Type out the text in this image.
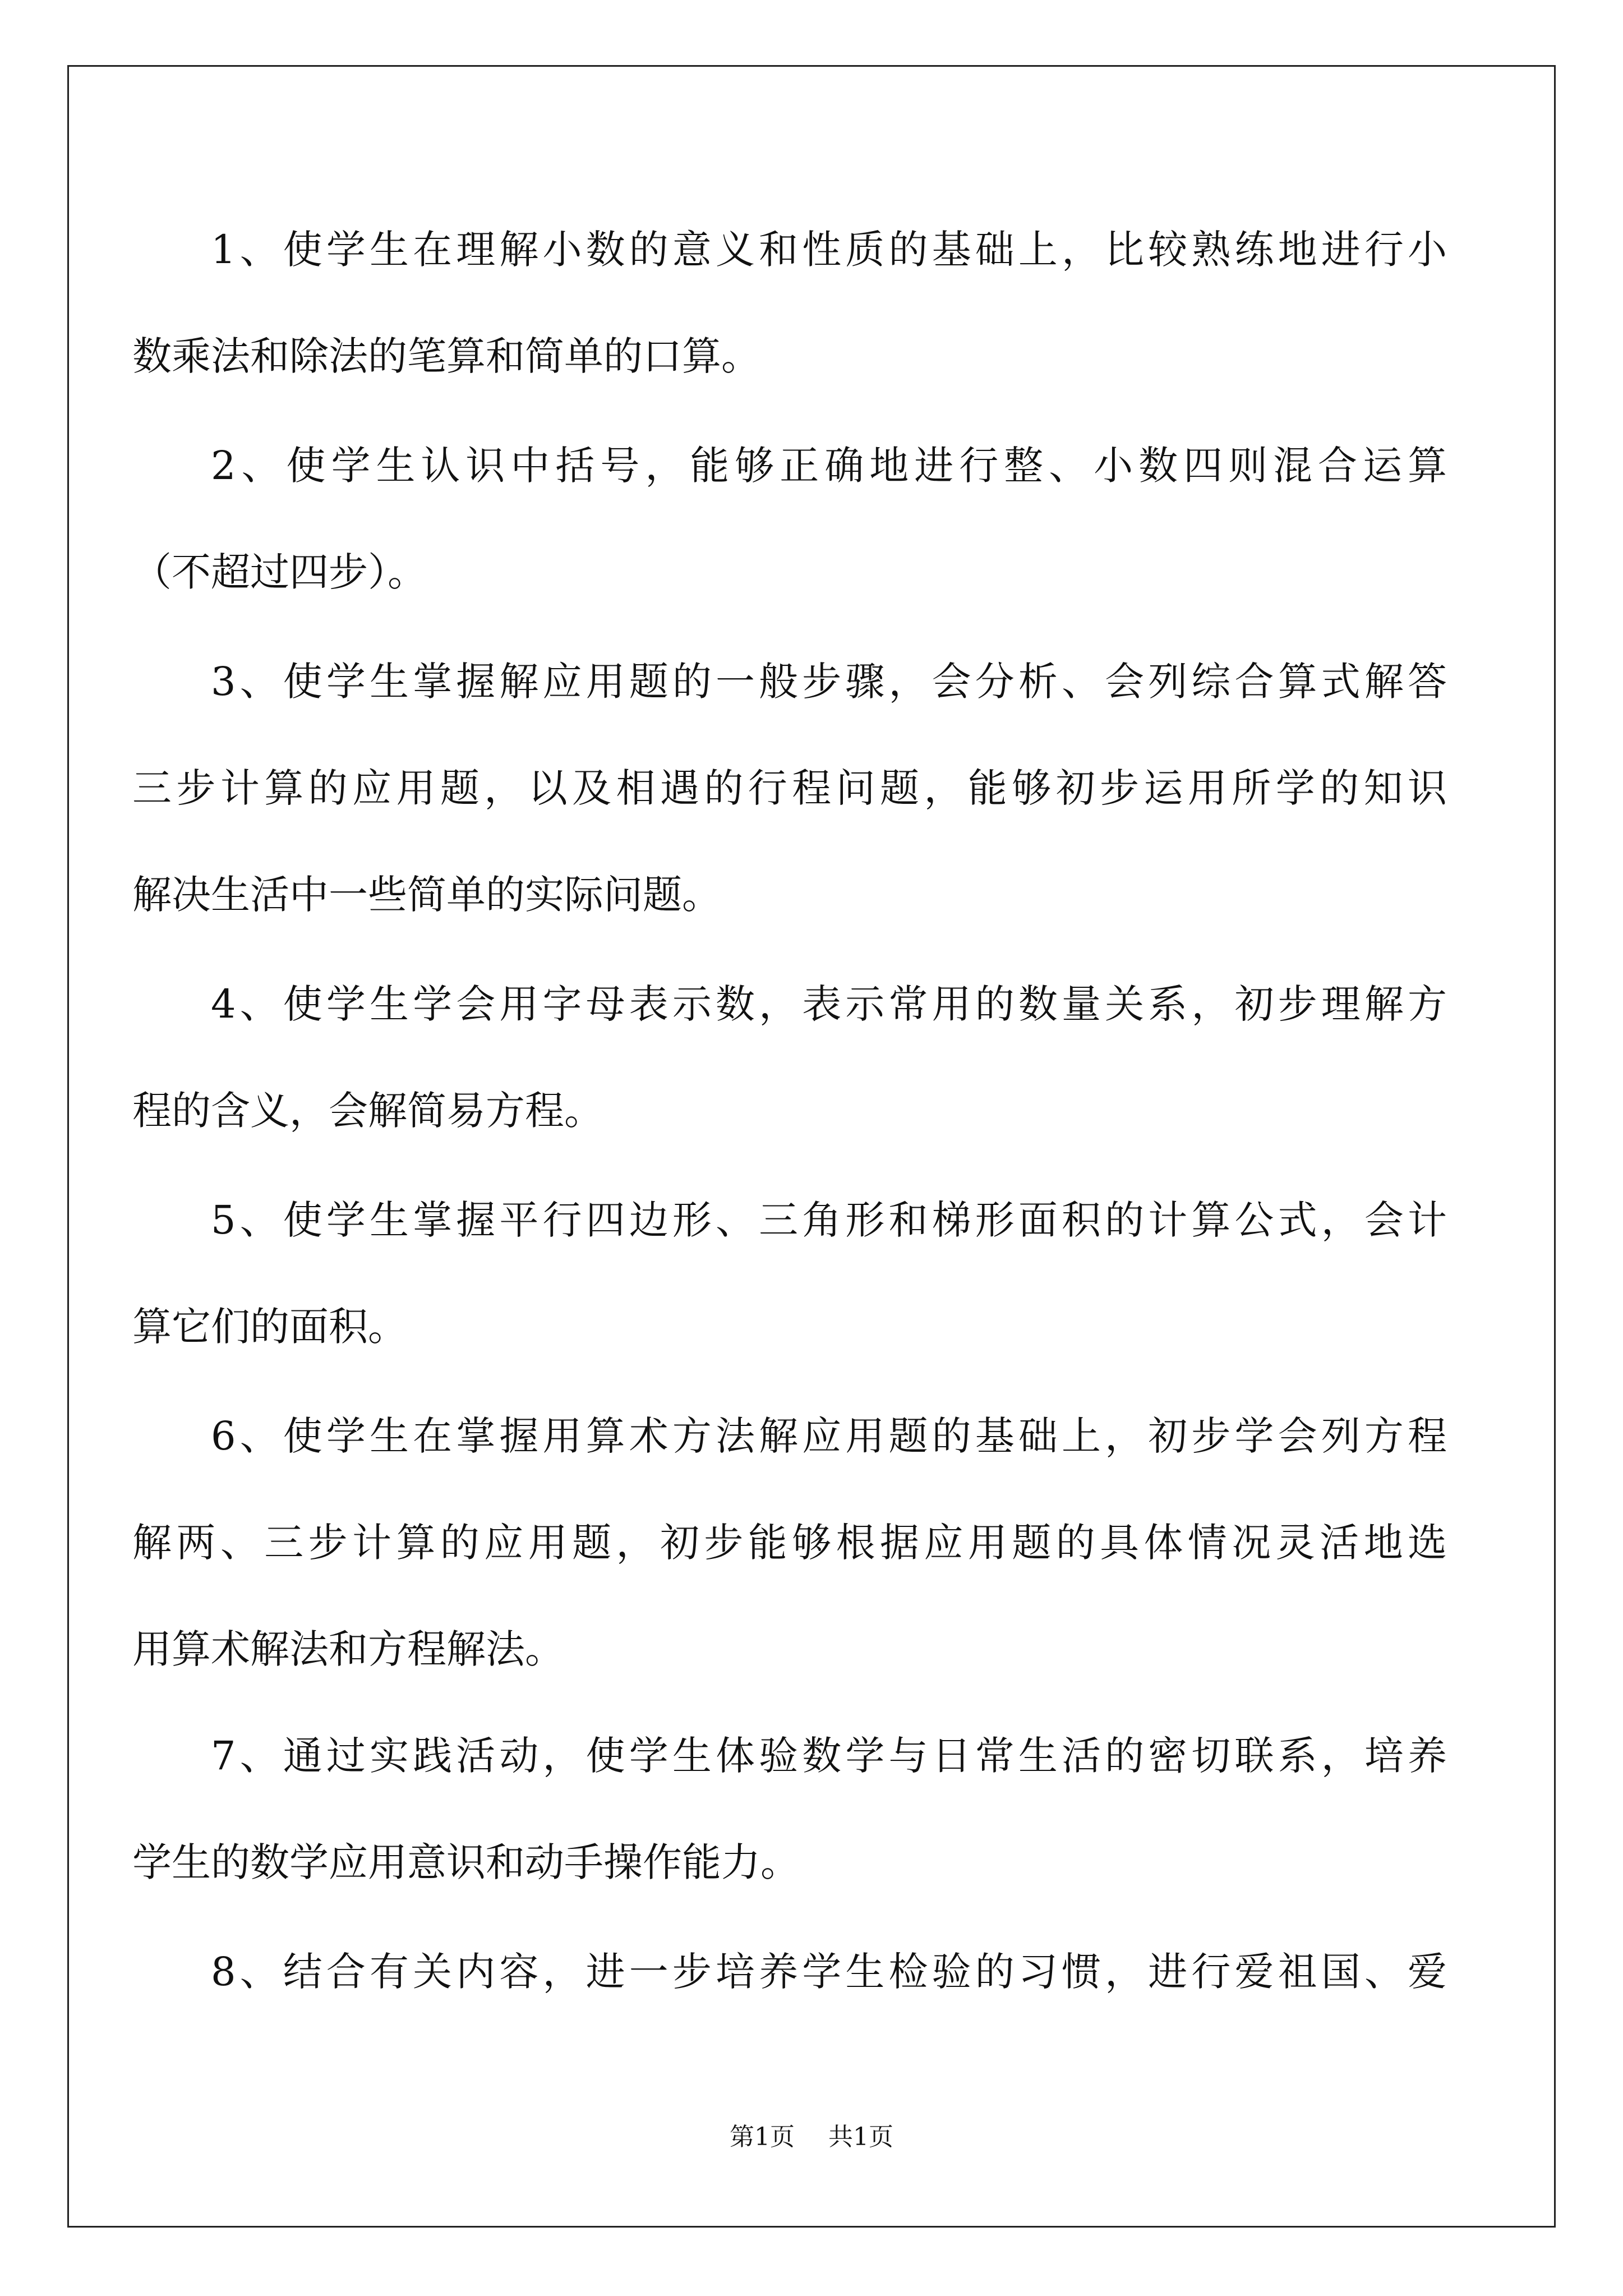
1、使学生在理解小数的意义和性质的基础上，比较熟练地进行小
数乘法和除法的笔算和简单的口算。
2、使学生认识中括号，能够正确地进行整、小数四则混合运算
（不超过四步）。
3、使学生掌握解应用题的一般步骤，会分析、会列综合算式解答
三步计算的应用题，以及相遇的行程问题，能够初步运用所学的知识
解决生活中一些简单的实际问题。
4、使学生学会用字母表示数，表示常用的数量关系，初步理解方
程的含义，会解简易方程。
5、使学生掌握平行四边形、三角形和梯形面积的计算公式，会计
算它们的面积。
6、使学生在掌握用算术方法解应用题的基础上，初步学会列方程
解两、三步计算的应用题，初步能够根据应用题的具体情况灵活地选
用算术解法和方程解法。
7、通过实践活动，使学生体验数学与日常生活的密切联系，培养
学生的数学应用意识和动手操作能力。
8、结合有关内容，进一步培养学生检验的习惯，进行爱祖国、爱
第1页 共1页
